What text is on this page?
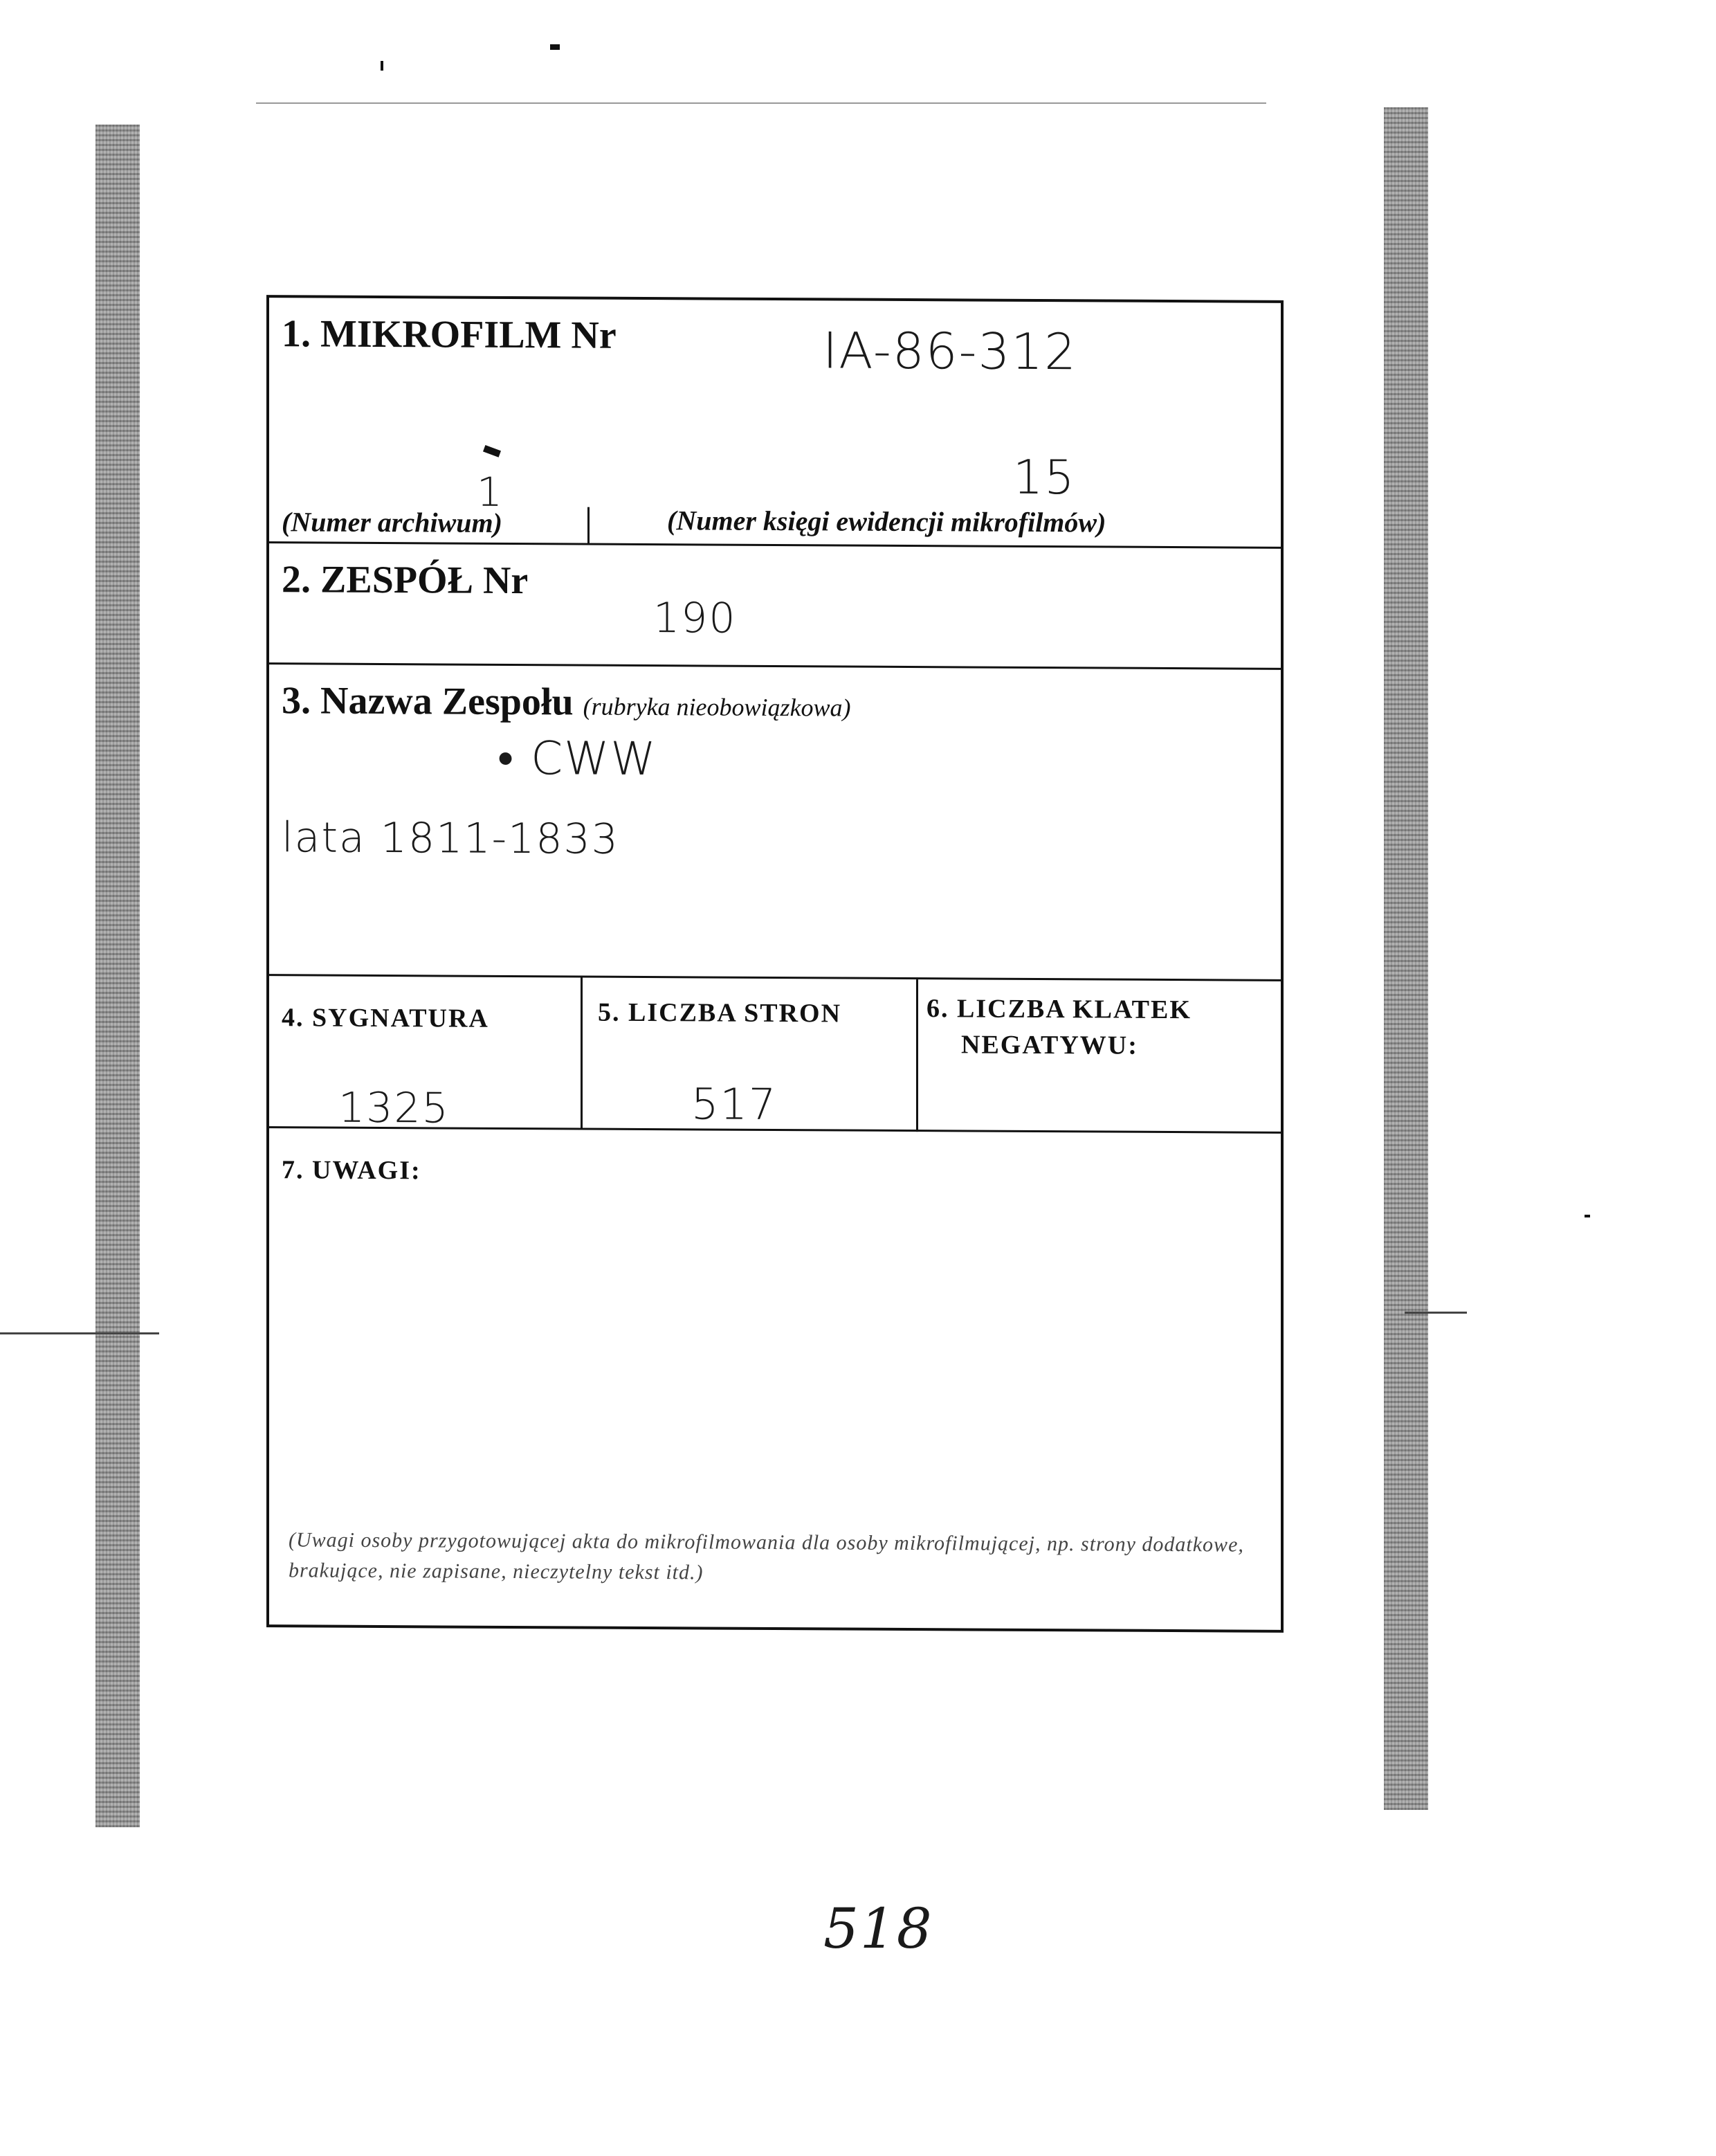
1. MIKROFILM Nr	IA-86-312
1	15
(Numer archiwum)	(Numer księgi ewidencji mikrofilmów)
2. ZESPÓŁ Nr
190
3. Nazwa Zespołu (rubryka nieobowiązkowa)
• CWW
lata 1811-1833
4. SYGNATURA	5. LICZBA STRON	6. LICZBA KLATEK
NEGATYWU:
1325	517
7. UWAGI:
(Uwagi osoby przygotowującej akta do mikrofilmowania dla osoby mikrofilmującej, np. strony dodatkowe, brakujące, nie zapisane, nieczytelny tekst itd.)
518
